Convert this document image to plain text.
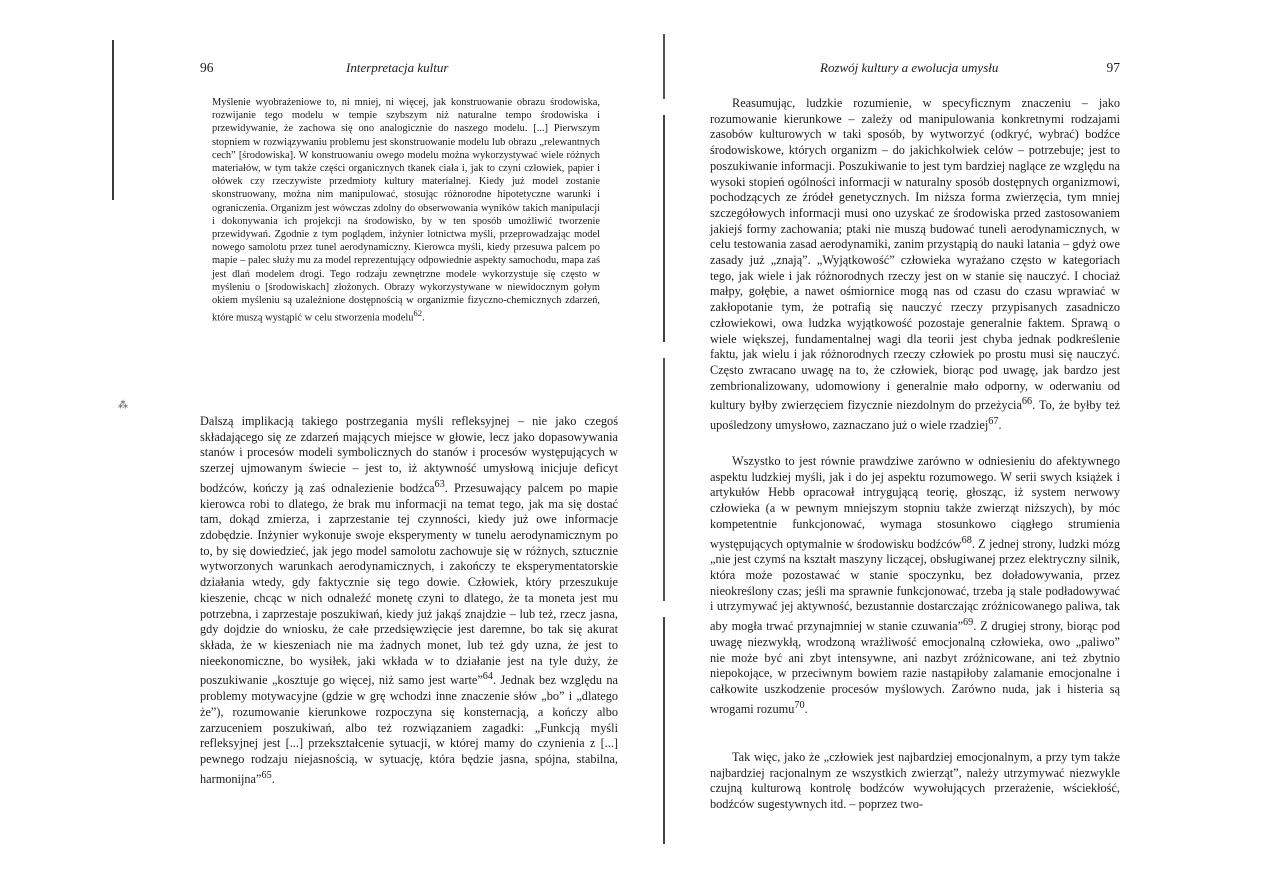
⁂
96	Interpretacja kultur

Myślenie wyobrażeniowe to, ni mniej, ni więcej, jak konstruowanie obrazu środowiska, rozwijanie tego modelu w tempie szybszym niż naturalne tempo środowiska i przewidywanie, że zachowa się ono analogicznie do naszego modelu. [...] Pierwszym stopniem w rozwiązywaniu problemu jest skonstruowanie modelu lub obrazu „relewantnych cech” [środowiska]. W konstruowaniu owego modelu można wykorzystywać wiele różnych materiałów, w tym także części organicznych tkanek ciała i, jak to czyni człowiek, papier i ołówek czy rzeczywiste przedmioty kultury materialnej. Kiedy już model zostanie skonstruowany, można nim manipulować, stosując różnorodne hipotetyczne warunki i ograniczenia. Organizm jest wówczas zdolny do obserwowania wyników takich manipulacji i dokonywania ich projekcji na środowisko, by w ten sposób umożliwić tworzenie przewidywań. Zgodnie z tym poglądem, inżynier lotnictwa myśli, przeprowadzając model nowego samolotu przez tunel aerodynamiczny. Kierowca myśli, kiedy przesuwa palcem po mapie – palec służy mu za model reprezentujący odpowiednie aspekty samochodu, mapa zaś jest dlań modelem drogi. Tego rodzaju zewnętrzne modele wykorzystuje się często w myśleniu o [środowiskach] złożonych. Obrazy wykorzystywane w niewidocznym gołym okiem myśleniu są uzależnione dostępnością w organizmie fizyczno-chemicznych zdarzeń, które muszą wystąpić w celu stworzenia modelu$^{62}$.

Dalszą implikacją takiego postrzegania myśli refleksyjnej – nie jako czegoś składającego się ze zdarzeń mających miejsce w głowie, lecz jako dopasowywania stanów i procesów modeli symbolicznych do stanów i procesów występujących w szerzej ujmowanym świecie – jest to, iż aktywność umysłową inicjuje deficyt bodźców, kończy ją zaś odnalezienie bodźca$^{63}$. Przesuwający palcem po mapie kierowca robi to dlatego, że brak mu informacji na temat tego, jak ma się dostać tam, dokąd zmierza, i zaprzestanie tej czynności, kiedy już owe informacje zdobędzie. Inżynier wykonuje swoje eksperymenty w tunelu aerodynamicznym po to, by się dowiedzieć, jak jego model samolotu zachowuje się w różnych, sztucznie wytworzonych warunkach aerodynamicznych, i zakończy te eksperymentatorskie działania wtedy, gdy faktycznie się tego dowie. Człowiek, który przeszukuje kieszenie, chcąc w nich odnaleźć monetę czyni to dlatego, że ta moneta jest mu potrzebna, i zaprzestaje poszukiwań, kiedy już jakąś znajdzie – lub też, rzecz jasna, gdy dojdzie do wniosku, że całe przedsięwzięcie jest daremne, bo tak się akurat składa, że w kieszeniach nie ma żadnych monet, lub też gdy uzna, że jest to nieekonomiczne, bo wysiłek, jaki wkłada w to działanie jest na tyle duży, że poszukiwanie „kosztuje go więcej, niż samo jest warte”$^{64}$. Jednak bez względu na problemy motywacyjne (gdzie w grę wchodzi inne znaczenie słów „bo” i „dlatego że”), rozumowanie kierunkowe rozpoczyna się konsternacją, a kończy albo zarzuceniem poszukiwań, albo też rozwiązaniem zagadki: „Funkcją myśli refleksyjnej jest [...] przekształcenie sytuacji, w której mamy do czynienia z [...] pewnego rodzaju niejasnością, w sytuację, która będzie jasna, spójna, stabilna, harmonijna”$^{65}$.

Rozwój kultury a ewolucja umysłu	97

Reasumując, ludzkie rozumienie, w specyficznym znaczeniu – jako rozumowanie kierunkowe – zależy od manipulowania konkretnymi rodzajami zasobów kulturowych w taki sposób, by wytworzyć (odkryć, wybrać) bodźce środowiskowe, których organizm – do jakichkolwiek celów – potrzebuje; jest to poszukiwanie informacji. Poszukiwanie to jest tym bardziej naglące ze względu na wysoki stopień ogólności informacji w naturalny sposób dostępnych organizmowi, pochodzących ze źródeł genetycznych. Im niższa forma zwierzęcia, tym mniej szczegółowych informacji musi ono uzyskać ze środowiska przed zastosowaniem jakiejś formy zachowania; ptaki nie muszą budować tuneli aerodynamicznych, w celu testowania zasad aerodynamiki, zanim przystąpią do nauki latania – gdyż owe zasady już „znają”. „Wyjątkowość” człowieka wyrażano często w kategoriach tego, jak wiele i jak różnorodnych rzeczy jest on w stanie się nauczyć. I chociaż małpy, gołębie, a nawet ośmiornice mogą nas od czasu do czasu wprawiać w zakłopotanie tym, że potrafią się nauczyć rzeczy przypisanych zasadniczo człowiekowi, owa ludzka wyjątkowość pozostaje generalnie faktem. Sprawą o wiele większej, fundamentalnej wagi dla teorii jest chyba jednak podkreślenie faktu, jak wielu i jak różnorodnych rzeczy człowiek po prostu musi się nauczyć. Często zwracano uwagę na to, że człowiek, biorąc pod uwagę, jak bardzo jest zembrionalizowany, udomowiony i generalnie mało odporny, w oderwaniu od kultury byłby zwierzęciem fizycznie niezdolnym do przeżycia$^{66}$. To, że byłby też upośledzony umysłowo, zaznaczano już o wiele rzadziej$^{67}$.

Wszystko to jest równie prawdziwe zarówno w odniesieniu do afektywnego aspektu ludzkiej myśli, jak i do jej aspektu rozumowego. W serii swych książek i artykułów Hebb opracował intrygującą teorię, głosząc, iż system nerwowy człowieka (a w pewnym mniejszym stopniu także zwierząt niższych), by móc kompetentnie funkcjonować, wymaga stosunkowo ciągłego strumienia występujących optymalnie w środowisku bodźców$^{68}$. Z jednej strony, ludzki mózg „nie jest czymś na kształt maszyny liczącej, obsługiwanej przez elektryczny silnik, która może pozostawać w stanie spoczynku, bez doładowywania, przez nieokreślony czas; jeśli ma sprawnie funkcjonować, trzeba ją stale podładowywać i utrzymywać jej aktywność, bezustannie dostarczając zróżnicowanego paliwa, tak aby mogła trwać przynajmniej w stanie czuwania”$^{69}$. Z drugiej strony, biorąc pod uwagę niezwykłą, wrodzoną wrażliwość emocjonalną człowieka, owo „paliwo” nie może być ani zbyt intensywne, ani nazbyt zróżnicowane, ani też zbytnio niepokojące, w przeciwnym bowiem razie nastąpiłoby zalamanie emocjonalne i całkowite uszkodzenie procesów myślowych. Zarówno nuda, jak i histeria są wrogami rozumu$^{70}$.

Tak więc, jako że „człowiek jest najbardziej emocjonalnym, a przy tym także najbardziej racjonalnym ze wszystkich zwierząt”, należy utrzymywać niezwykle czujną kulturową kontrolę bodźców wywołujących przerażenie, wściekłość, bodźców sugestywnych itd. – poprzez two-
